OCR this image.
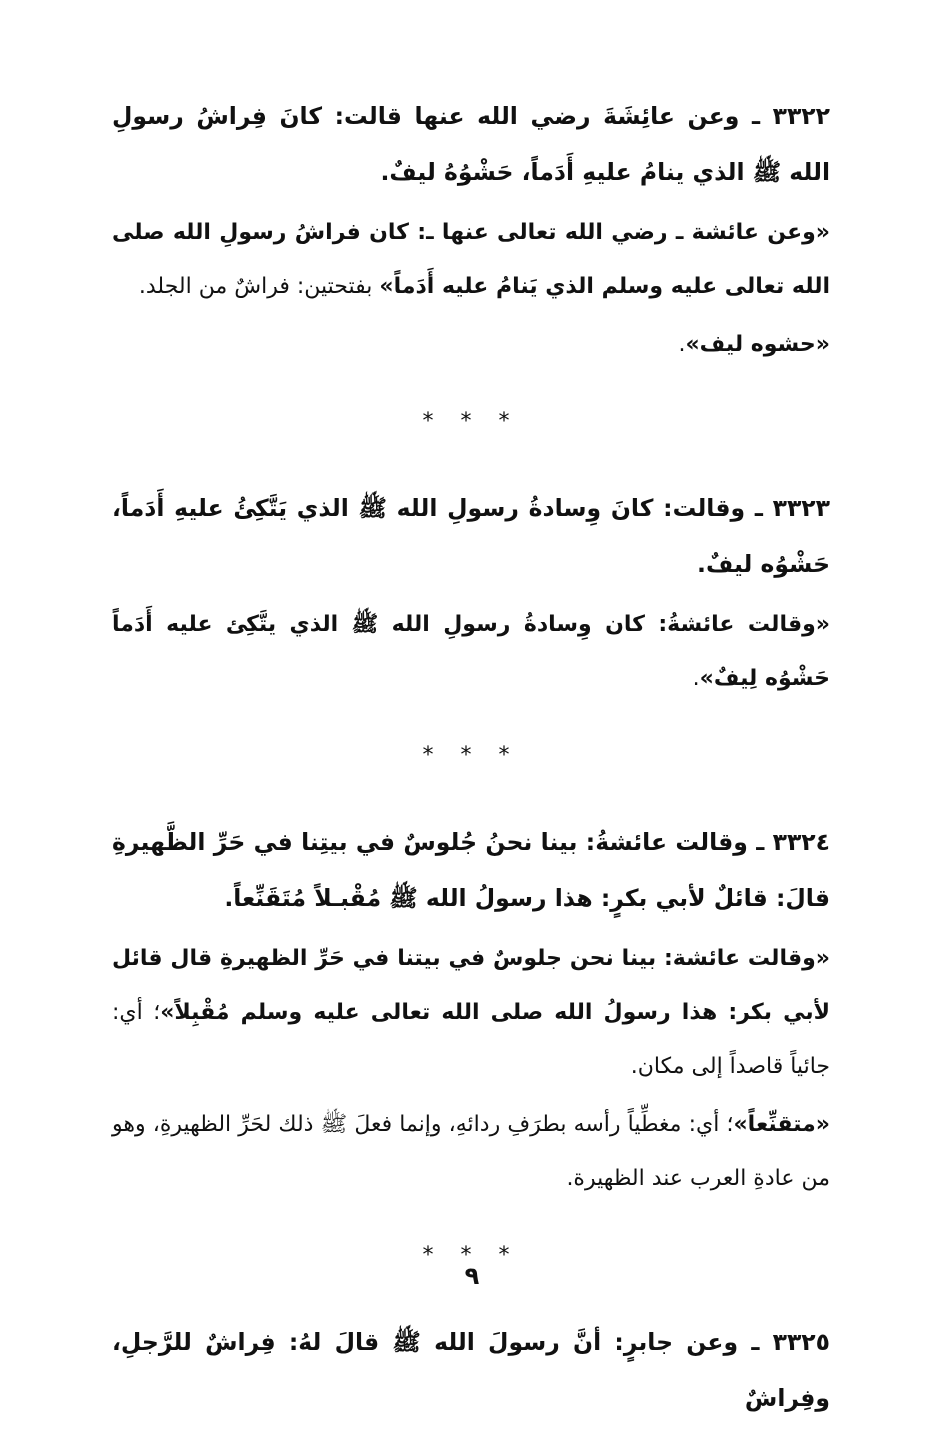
٣٣٢٢ ـ وعن عائِشَةَ رضي الله عنها قالت: كانَ فِراشُ رسولِ الله ﷺ الذي ينامُ عليهِ أَدَماً، حَشْوُهُ ليفٌ.

«وعن عائشة ـ رضي الله تعالى عنها ـ: كان فراشُ رسولِ الله صلى الله تعالى عليه وسلم الذي يَنامُ عليه أَدَماً» بفتحتين: فراشٌ من الجلد.

«حشوه ليف».

* * *

٣٣٢٣ ـ وقالت: كانَ وِسادةُ رسولِ الله ﷺ الذي يَتَّكِئُ عليهِ أَدَماً، حَشْوُه ليفٌ.

«وقالت عائشةُ: كان وِسادةُ رسولِ الله ﷺ الذي يتَّكِئ عليه أَدَماً حَشْوُه لِيفٌ».

* * *

٣٣٢٤ ـ وقالت عائشةُ: بينا نحنُ جُلوسٌ في بيتِنا في حَرِّ الظَّهيرةِ قالَ: قائلٌ لأبي بكرٍ: هذا رسولُ الله ﷺ مُقْبـلاً مُتَقَنِّعاً.

«وقالت عائشة: بينا نحن جلوسٌ في بيتنا في حَرِّ الظهيرةِ قال قائل لأبي بكر: هذا رسولُ الله صلى الله تعالى عليه وسلم مُقْبِلاً»؛ أي: جائياً قاصداً إلى مكان.

«متقنِّعاً»؛ أي: مغطِّياً رأسه بطرَفِ ردائهِ، وإنما فعلَ ﷺ ذلك لحَرِّ الظهيرةِ، وهو من عادةِ العرب عند الظهيرة.

* * *

٣٣٢٥ ـ وعن جابرٍ: أنَّ رسولَ الله ﷺ قالَ لهُ: فِراشٌ للرَّجلِ، وفِراشٌ

٩
